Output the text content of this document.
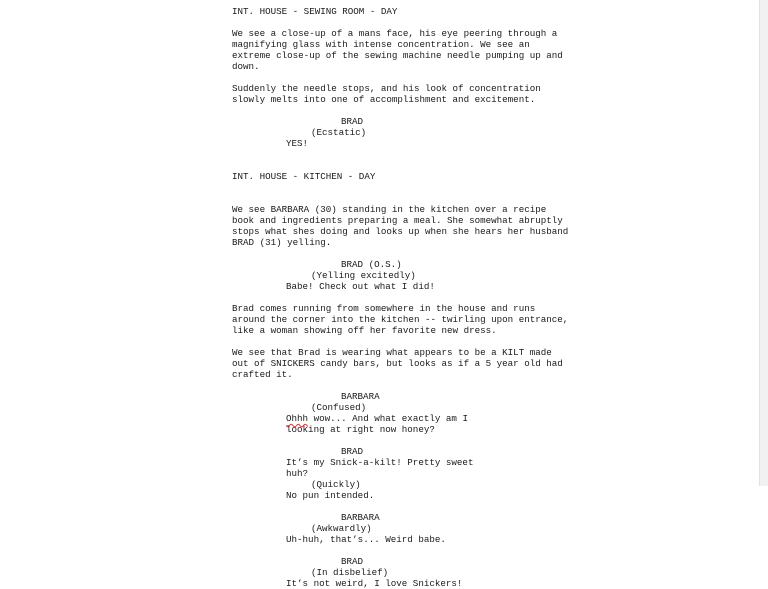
INT. HOUSE - SEWING ROOM - DAY
We see a close-up of a mans face, his eye peering through a
magnifying glass with intense concentration. We see an
extreme close-up of the sewing machine needle pumping up and
down.
Suddenly the needle stops, and his look of concentration
slowly melts into one of accomplishment and excitement.
BRAD
(Ecstatic)
YES!
INT. HOUSE - KITCHEN - DAY
We see BARBARA (30) standing in the kitchen over a recipe
book and ingredients preparing a meal. She somewhat abruptly
stops what shes doing and looks up when she hears her husband
BRAD (31) yelling.
BRAD (O.S.)
(Yelling excitedly)
Babe! Check out what I did!
Brad comes running from somewhere in the house and runs
around the corner into the kitchen -- twirling upon entrance,
like a woman showing off her favorite new dress.
We see that Brad is wearing what appears to be a KILT made
out of SNICKERS candy bars, but looks as if a 5 year old had
crafted it.
BARBARA
(Confused)
Ohhh wow... And what exactly am I
looking at right now honey?
BRAD
It’s my Snick-a-kilt! Pretty sweet
huh?
(Quickly)
No pun intended.
BARBARA
(Awkwardly)
Uh-huh, that’s... Weird babe.
BRAD
(In disbelief)
It’s not weird, I love Snickers!
